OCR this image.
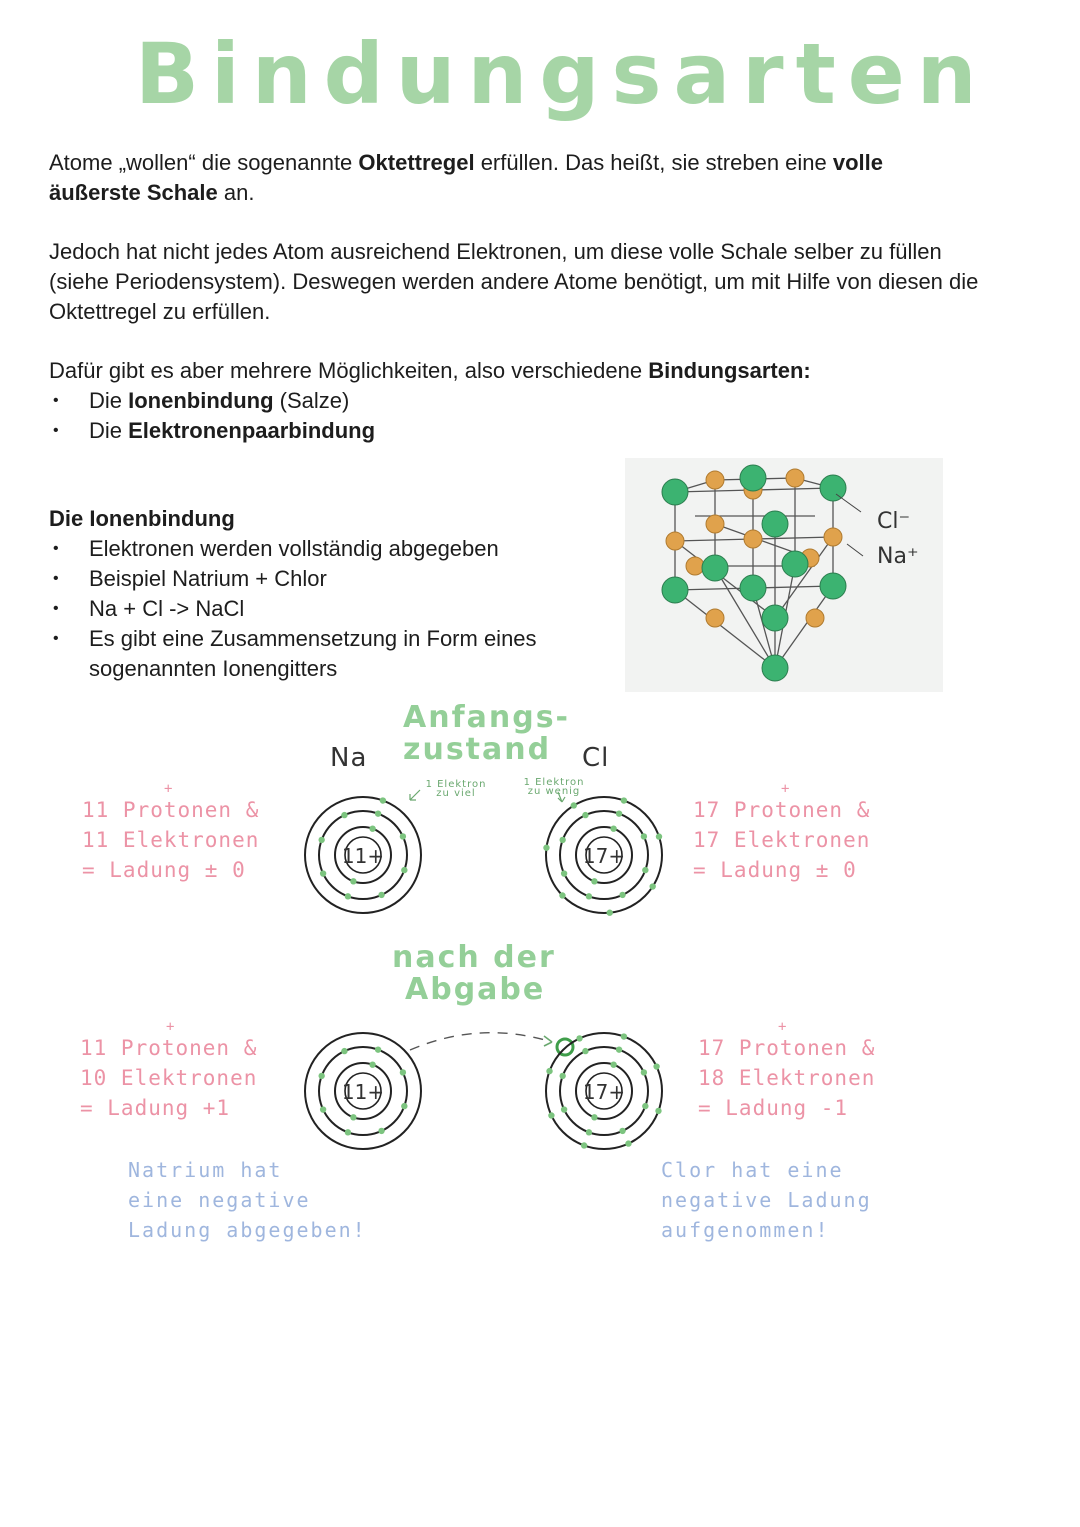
Bindungsarten

Atome „wollen“ die sogenannte Oktettregel erfüllen. Das heißt, sie streben eine volle äußerste Schale an.

Jedoch hat nicht jedes Atom ausreichend Elektronen, um diese volle Schale selber zu füllen (siehe Periodensystem). Deswegen werden andere Atome benötigt, um mit Hilfe von diesen die Oktettregel zu erfüllen.

Dafür gibt es aber mehrere Möglichkeiten, also verschiedene Bindungsarten:

• Die Ionenbindung (Salze)
• Die Elektronenpaarbindung
Die Ionenbindung
• Elektronen werden vollständig abgegeben
• Beispiel Natrium + Chlor
• Na + Cl -> NaCl
• Es gibt eine Zusammensetzung in Form eines sogenannten Ionengitters
Cl⁻
Na⁺
Anfangs-
zustand
Na	Cl
1 Elektron
zu viel
1 Elektron
zu wenig
11+	17+
+
11 Protonen &
11 Elektronen
= Ladung ± 0
+
17 Protonen &
17 Elektronen
= Ladung ± 0
nach der
Abgabe
11+	17+
+
11 Protonen &
10 Elektronen
= Ladung +1
+
17 Protonen &
18 Elektronen
= Ladung -1
Natrium hat
eine negative
Ladung abgegeben!
Clor hat eine
negative Ladung
aufgenommen!
